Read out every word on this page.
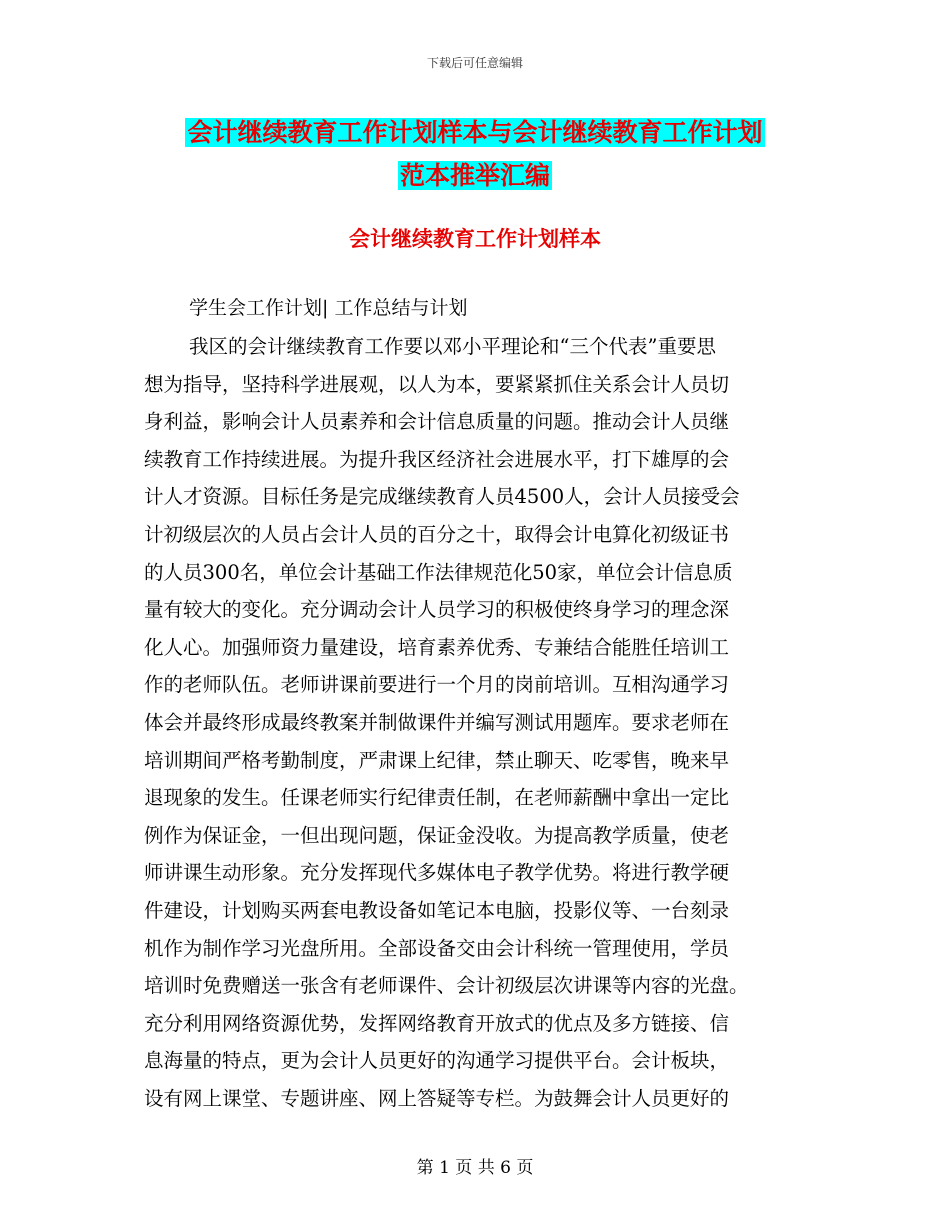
下载后可任意编辑
会计继续教育工作计划样本与会计继续教育工作计划
范本推举汇编
会计继续教育工作计划样本
学生会工作计划| 工作总结与计划
我区的会计继续教育工作要以邓小平理论和“三个代表”重要思
想为指导，坚持科学进展观，以人为本，要紧紧抓住关系会计人员切
身利益，影响会计人员素养和会计信息质量的问题。推动会计人员继
续教育工作持续进展。为提升我区经济社会进展水平，打下雄厚的会
计人才资源。目标任务是完成继续教育人员4500人，会计人员接受会
计初级层次的人员占会计人员的百分之十，取得会计电算化初级证书
的人员300名，单位会计基础工作法律规范化50家，单位会计信息质
量有较大的变化。充分调动会计人员学习的积极使终身学习的理念深
化人心。加强师资力量建设，培育素养优秀、专兼结合能胜任培训工
作的老师队伍。老师讲课前要进行一个月的岗前培训。互相沟通学习
体会并最终形成最终教案并制做课件并编写测试用题库。要求老师在
培训期间严格考勤制度，严肃课上纪律，禁止聊天、吃零售，晚来早
退现象的发生。任课老师实行纪律责任制，在老师薪酬中拿出一定比
例作为保证金，一但出现问题，保证金没收。为提高教学质量，使老
师讲课生动形象。充分发挥现代多媒体电子教学优势。将进行教学硬
件建设，计划购买两套电教设备如笔记本电脑，投影仪等、一台刻录
机作为制作学习光盘所用。全部设备交由会计科统一管理使用，学员
培训时免费赠送一张含有老师课件、会计初级层次讲课等内容的光盘。
充分利用网络资源优势，发挥网络教育开放式的优点及多方链接、信
息海量的特点，更为会计人员更好的沟通学习提供平台。会计板块，
设有网上课堂、专题讲座、网上答疑等专栏。为鼓舞会计人员更好的
第 1 页 共 6 页
